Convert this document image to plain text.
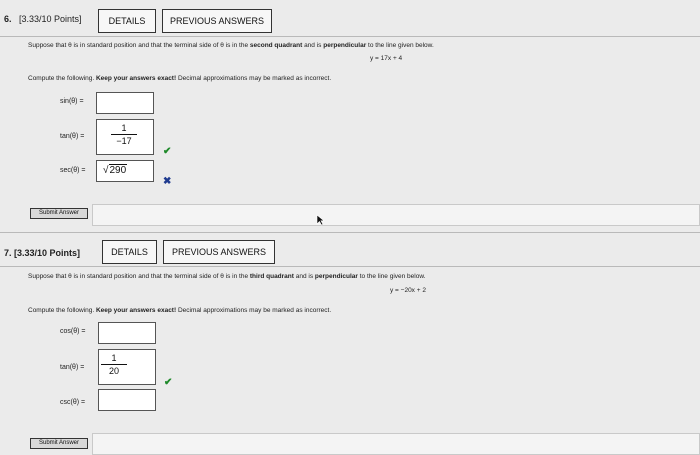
6. [3.33/10 Points]	DETAILS	PREVIOUS ANSWERS
Suppose that θ is in standard position and that the terminal side of θ is in the second quadrant and is perpendicular to the line given below.
y = 17x + 4
Compute the following. Keep your answers exact! Decimal approximations may be marked as incorrect.
sin(θ) =
tan(θ) =
1
−17
✔
sec(θ) = √290
✖
Submit Answer
7. [3.33/10 Points]	DETAILS	PREVIOUS ANSWERS
Suppose that θ is in standard position and that the terminal side of θ is in the third quadrant and is perpendicular to the line given below.
y = −20x + 2
Compute the following. Keep your answers exact! Decimal approximations may be marked as incorrect.
cos(θ) =
tan(θ) =
1
20
✔
csc(θ) =
Submit Answer
